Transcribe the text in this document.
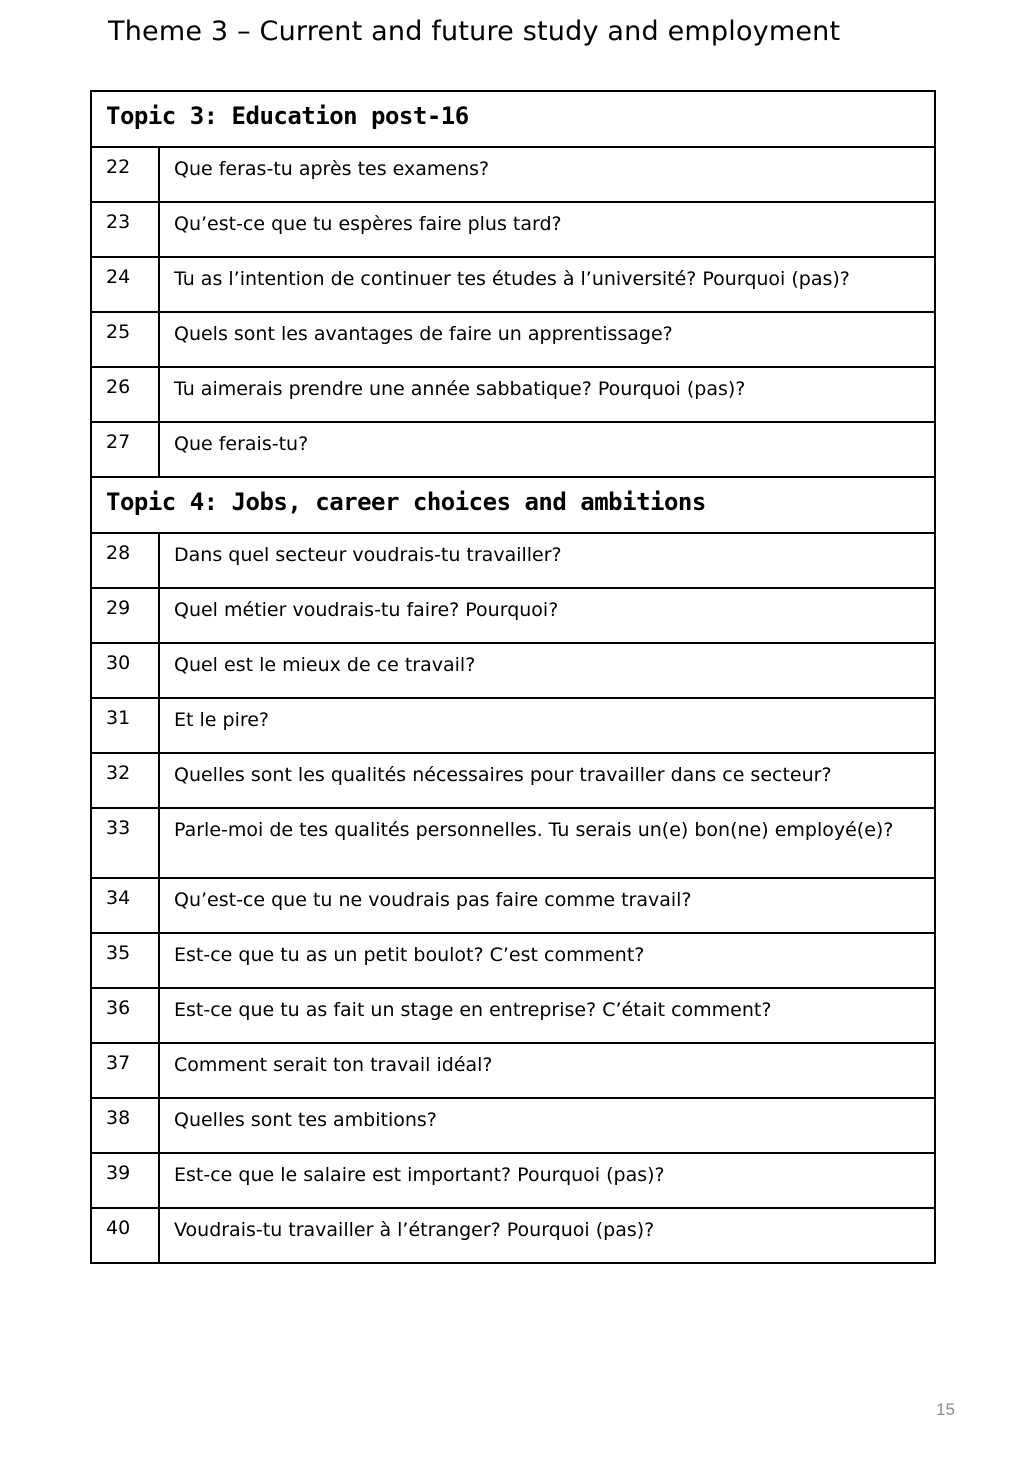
Theme 3 – Current and future study and employment
Topic 3: Education post-16	
22	Que feras-tu après tes examens?
23	Qu’est-ce que tu espères faire plus tard?
24	Tu as l’intention de continuer tes études à l’université? Pourquoi (pas)?
25	Quels sont les avantages de faire un apprentissage?
26	Tu aimerais prendre une année sabbatique? Pourquoi (pas)?
27	Que ferais-tu?
Topic 4: Jobs, career choices and ambitions	
28	Dans quel secteur voudrais-tu travailler?
29	Quel métier voudrais-tu faire? Pourquoi?
30	Quel est le mieux de ce travail?
31	Et le pire?
32	Quelles sont les qualités nécessaires pour travailler dans ce secteur?
33	Parle-moi de tes qualités personnelles. Tu serais un(e) bon(ne) employé(e)?
34	Qu’est-ce que tu ne voudrais pas faire comme travail?
35	Est-ce que tu as un petit boulot? C’est comment?
36	Est-ce que tu as fait un stage en entreprise? C’était comment?
37	Comment serait ton travail idéal?
38	Quelles sont tes ambitions?
39	Est-ce que le salaire est important? Pourquoi (pas)?
40	Voudrais-tu travailler à l’étranger? Pourquoi (pas)?
15
